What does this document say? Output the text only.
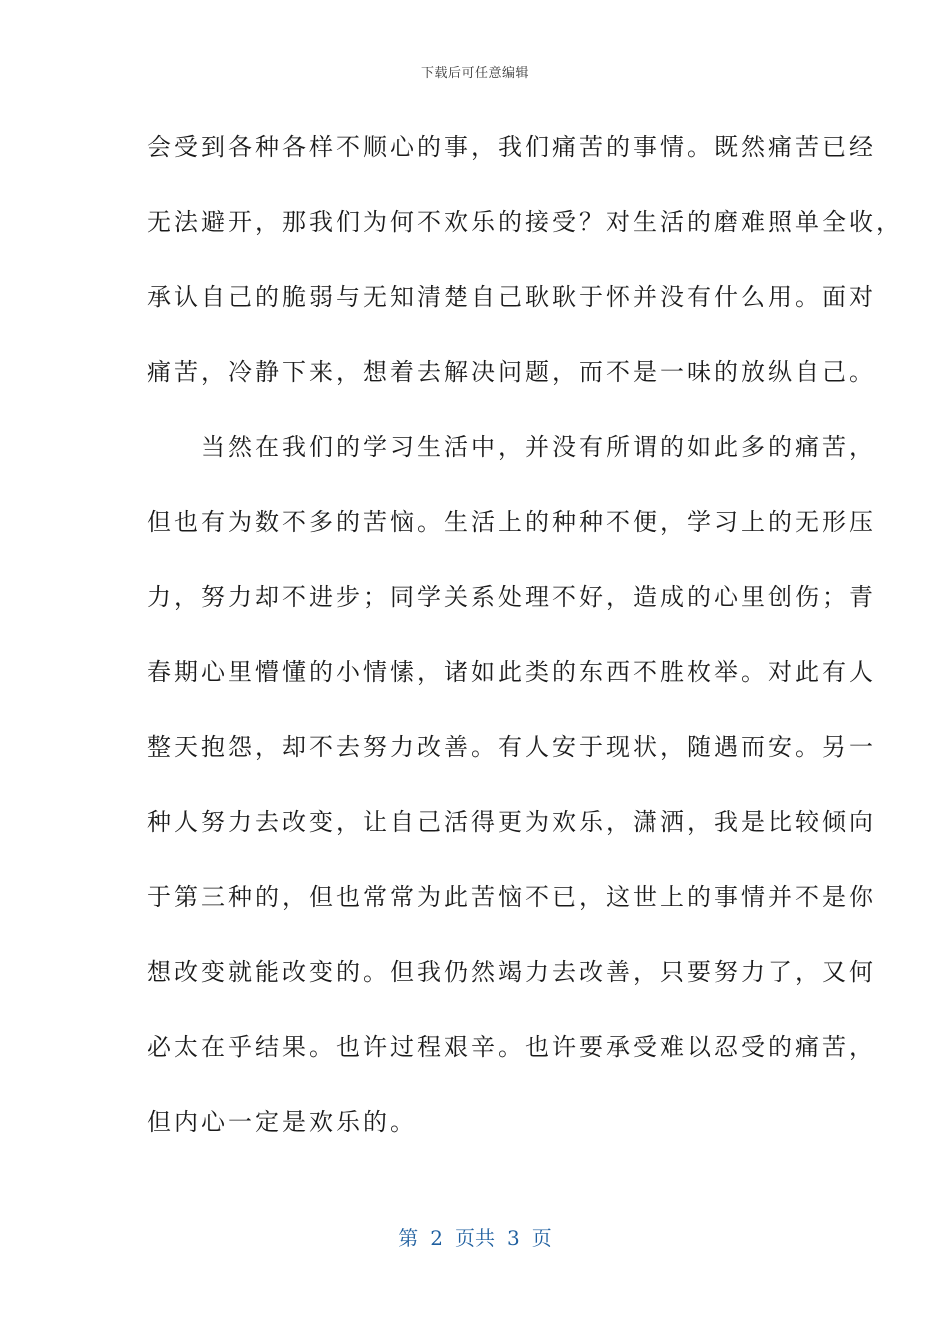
下载后可任意编辑
会受到各种各样不顺心的事，我们痛苦的事情。既然痛苦已经
无法避开，那我们为何不欢乐的接受？对生活的磨难照单全收，
承认自己的脆弱与无知清楚自己耿耿于怀并没有什么用。面对
痛苦，冷静下来，想着去解决问题，而不是一味的放纵自己。
　　当然在我们的学习生活中，并没有所谓的如此多的痛苦，
但也有为数不多的苦恼。生活上的种种不便，学习上的无形压
力，努力却不进步；同学关系处理不好，造成的心里创伤；青
春期心里懵懂的小情愫，诸如此类的东西不胜枚举。对此有人
整天抱怨，却不去努力改善。有人安于现状，随遇而安。另一
种人努力去改变，让自己活得更为欢乐，潇洒，我是比较倾向
于第三种的，但也常常为此苦恼不已，这世上的事情并不是你
想改变就能改变的。但我仍然竭力去改善，只要努力了，又何
必太在乎结果。也许过程艰辛。也许要承受难以忍受的痛苦，
但内心一定是欢乐的。
第 2 页共 3 页
